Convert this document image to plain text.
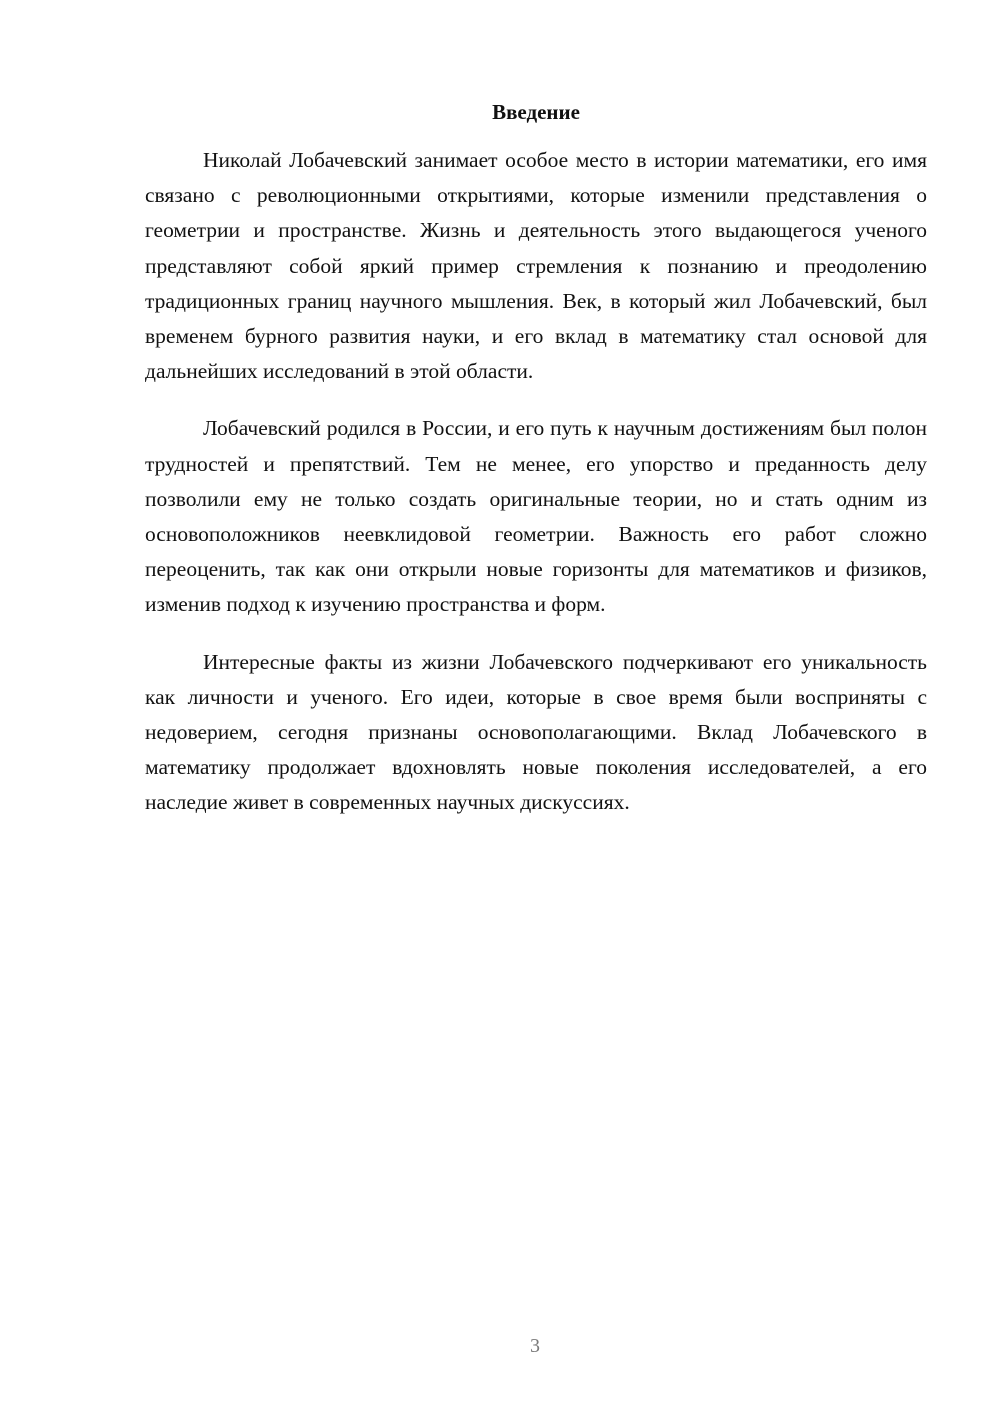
Введение

Николай Лобачевский занимает особое место в истории математики, его имя связано с революционными открытиями, которые изменили представления о геометрии и пространстве. Жизнь и деятельность этого выдающегося ученого представляют собой яркий пример стремления к познанию и преодолению традиционных границ научного мышления. Век, в который жил Лобачевский, был временем бурного развития науки, и его вклад в математику стал основой для дальнейших исследований в этой области.

Лобачевский родился в России, и его путь к научным достижениям был полон трудностей и препятствий. Тем не менее, его упорство и преданность делу позволили ему не только создать оригинальные теории, но и стать одним из основоположников неевклидовой геометрии. Важность его работ сложно переоценить, так как они открыли новые горизонты для математиков и физиков, изменив подход к изучению пространства и форм.

Интересные факты из жизни Лобачевского подчеркивают его уникальность как личности и ученого. Его идеи, которые в свое время были восприняты с недоверием, сегодня признаны основополагающими. Вклад Лобачевского в математику продолжает вдохновлять новые поколения исследователей, а его наследие живет в современных научных дискуссиях.

3
